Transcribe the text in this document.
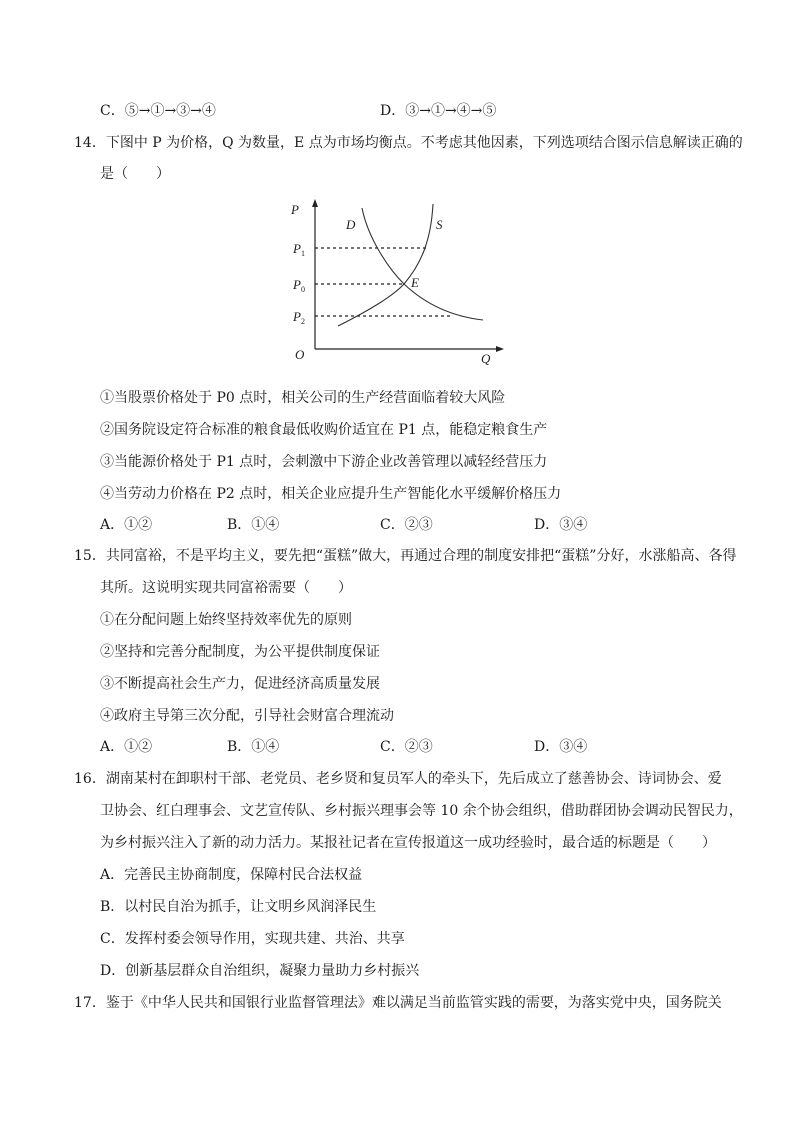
C．⑤→①→③→④	D．③→①→④→⑤
14．下图中 P 为价格，Q 为数量，E 点为市场均衡点。不考虑其他因素，下列选项结合图示信息解读正确的
是（　　）
P
$P_1$
$P_0$
$P_2$
O	Q
D	S
E
①当股票价格处于 P0 点时，相关公司的生产经营面临着较大风险
②国务院设定符合标准的粮食最低收购价适宜在 P1 点，能稳定粮食生产
③当能源价格处于 P1 点时，会刺激中下游企业改善管理以减轻经营压力
④当劳动力价格在 P2 点时，相关企业应提升生产智能化水平缓解价格压力
A．①②	B．①④	C．②③	D．③④
15．共同富裕，不是平均主义，要先把“蛋糕”做大，再通过合理的制度安排把“蛋糕”分好，水涨船高、各得
其所。这说明实现共同富裕需要（　　）
①在分配问题上始终坚持效率优先的原则
②坚持和完善分配制度，为公平提供制度保证
③不断提高社会生产力，促进经济高质量发展
④政府主导第三次分配，引导社会财富合理流动
A．①②	B．①④	C．②③	D．③④
16．湖南某村在卸职村干部、老党员、老乡贤和复员军人的牵头下，先后成立了慈善协会、诗词协会、爱
卫协会、红白理事会、文艺宣传队、乡村振兴理事会等 10 余个协会组织，借助群团协会调动民智民力，
为乡村振兴注入了新的动力活力。某报社记者在宣传报道这一成功经验时，最合适的标题是（　　）
A．完善民主协商制度，保障村民合法权益
B．以村民自治为抓手，让文明乡风润泽民生
C．发挥村委会领导作用，实现共建、共治、共享
D．创新基层群众自治组织，凝聚力量助力乡村振兴
17．鉴于《中华人民共和国银行业监督管理法》难以满足当前监管实践的需要，为落实党中央，国务院关
